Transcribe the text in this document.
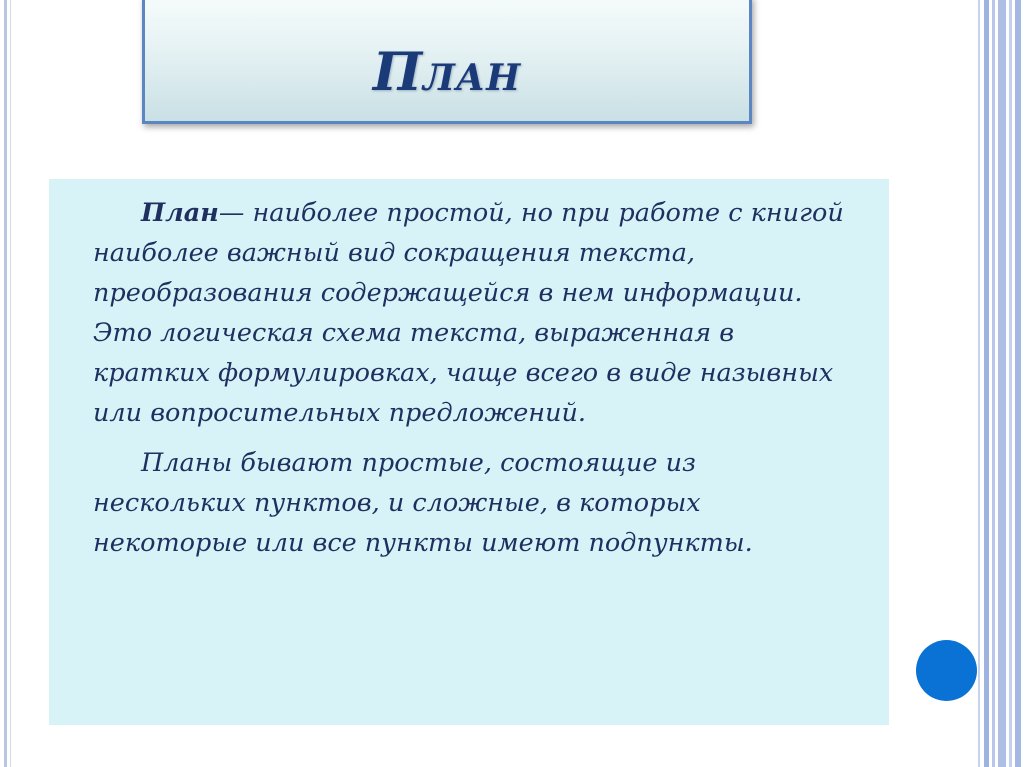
План

План— наиболее простой, но при работе с книгой наиболее важный вид сокращения текста, преобразования содержащейся в нем информации. Это логическая схема текста, выраженная в кратких формулировках, чаще всего в виде назывных или вопросительных предложений.

Планы бывают простые, состоящие из нескольких пунктов, и сложные, в которых некоторые или все пункты имеют подпункты.
